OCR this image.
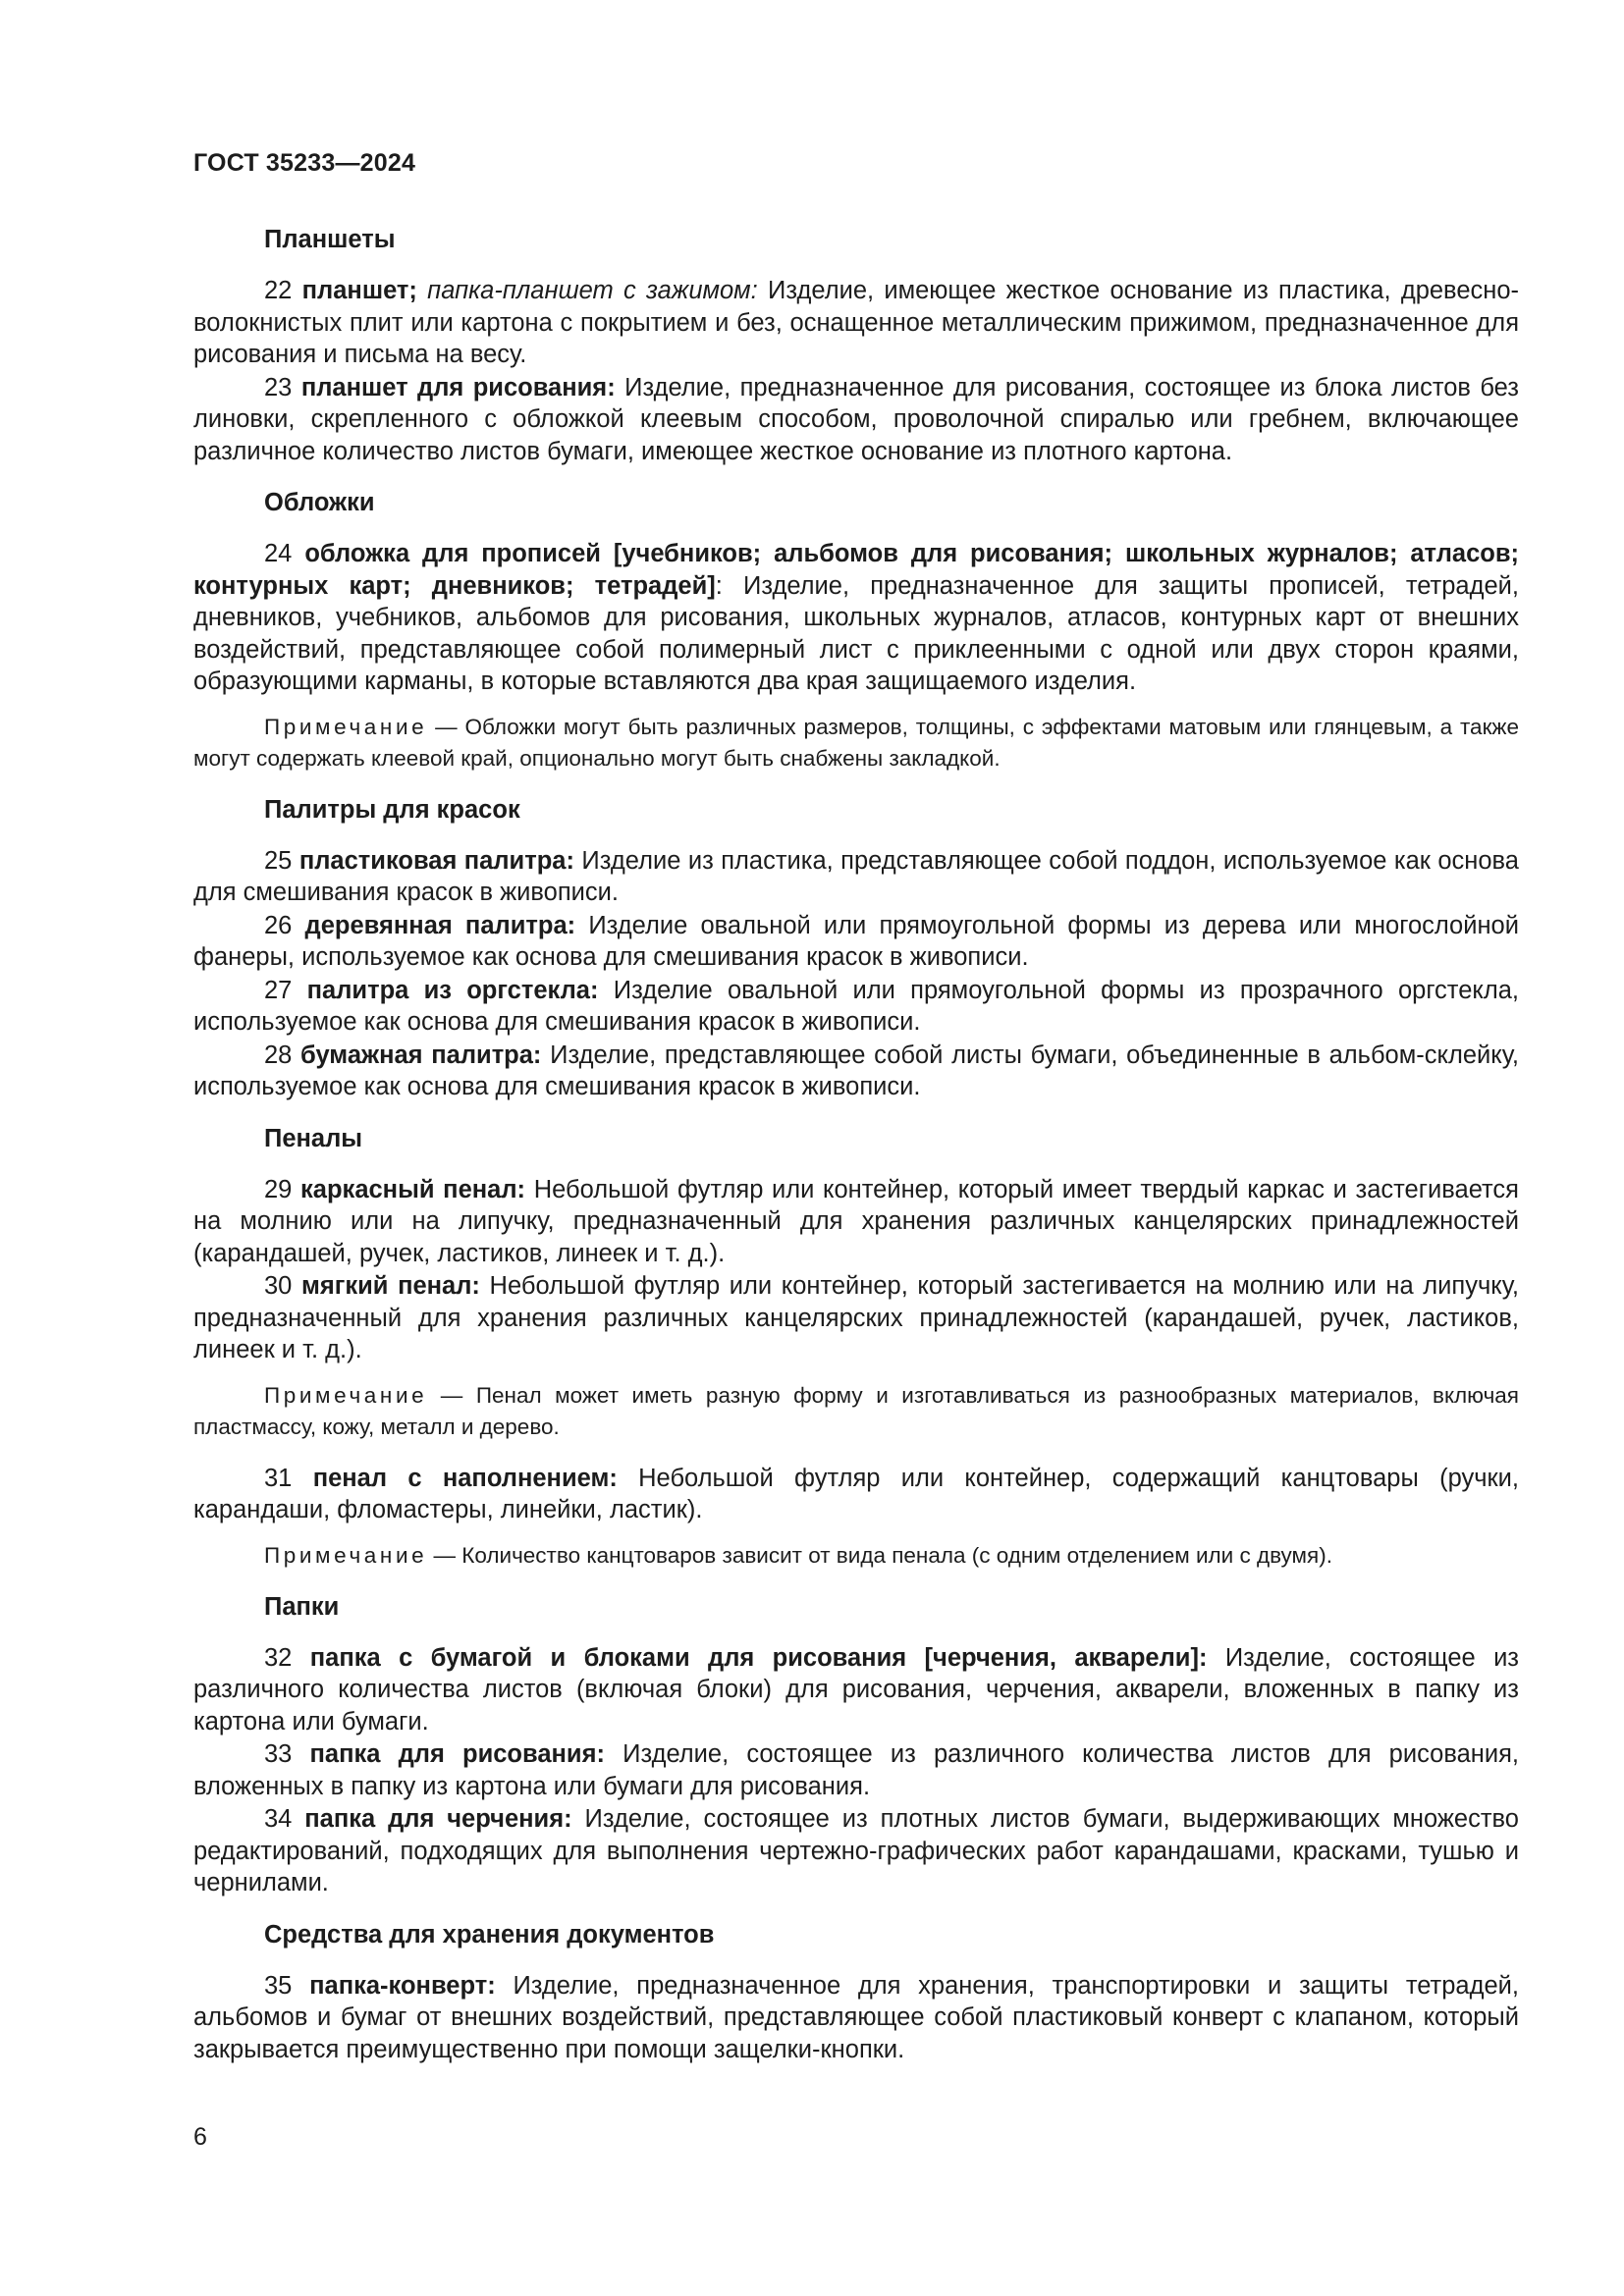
ГОСТ 35233—2024
Планшеты

22 планшет; папка-планшет с зажимом: Изделие, имеющее жесткое основание из пластика, древесно-волокнистых плит или картона с покрытием и без, оснащенное металлическим прижимом, предназначенное для рисования и письма на весу.

23 планшет для рисования: Изделие, предназначенное для рисования, состоящее из блока листов без линовки, скрепленного с обложкой клеевым способом, проволочной спиралью или гребнем, включающее различное количество листов бумаги, имеющее жесткое основание из плотного картона.

Обложки

24 обложка для прописей [учебников; альбомов для рисования; школьных журналов; атласов; контурных карт; дневников; тетрадей]: Изделие, предназначенное для защиты прописей, тетрадей, дневников, учебников, альбомов для рисования, школьных журналов, атласов, контурных карт от внешних воздействий, представляющее собой полимерный лист с приклеенными с одной или двух сторон краями, образующими карманы, в которые вставляются два края защищаемого изделия.

Примечание — Обложки могут быть различных размеров, толщины, с эффектами матовым или глянцевым, а также могут содержать клеевой край, опционально могут быть снабжены закладкой.

Палитры для красок

25 пластиковая палитра: Изделие из пластика, представляющее собой поддон, используемое как основа для смешивания красок в живописи.

26 деревянная палитра: Изделие овальной или прямоугольной формы из дерева или многослойной фанеры, используемое как основа для смешивания красок в живописи.

27 палитра из оргстекла: Изделие овальной или прямоугольной формы из прозрачного оргстекла, используемое как основа для смешивания красок в живописи.

28 бумажная палитра: Изделие, представляющее собой листы бумаги, объединенные в альбом-склейку, используемое как основа для смешивания красок в живописи.

Пеналы

29 каркасный пенал: Небольшой футляр или контейнер, который имеет твердый каркас и застегивается на молнию или на липучку, предназначенный для хранения различных канцелярских принадлежностей (карандашей, ручек, ластиков, линеек и т. д.).

30 мягкий пенал: Небольшой футляр или контейнер, который застегивается на молнию или на липучку, предназначенный для хранения различных канцелярских принадлежностей (карандашей, ручек, ластиков, линеек и т. д.).

Примечание — Пенал может иметь разную форму и изготавливаться из разнообразных материалов, включая пластмассу, кожу, металл и дерево.

31 пенал с наполнением: Небольшой футляр или контейнер, содержащий канцтовары (ручки, карандаши, фломастеры, линейки, ластик).

Примечание — Количество канцтоваров зависит от вида пенала (с одним отделением или с двумя).

Папки

32 папка с бумагой и блоками для рисования [черчения, акварели]: Изделие, состоящее из различного количества листов (включая блоки) для рисования, черчения, акварели, вложенных в папку из картона или бумаги.

33 папка для рисования: Изделие, состоящее из различного количества листов для рисования, вложенных в папку из картона или бумаги для рисования.

34 папка для черчения: Изделие, состоящее из плотных листов бумаги, выдерживающих множество редактирований, подходящих для выполнения чертежно-графических работ карандашами, красками, тушью и чернилами.

Средства для хранения документов

35 папка-конверт: Изделие, предназначенное для хранения, транспортировки и защиты тетрадей, альбомов и бумаг от внешних воздействий, представляющее собой пластиковый конверт с клапаном, который закрывается преимущественно при помощи защелки-кнопки.

6
